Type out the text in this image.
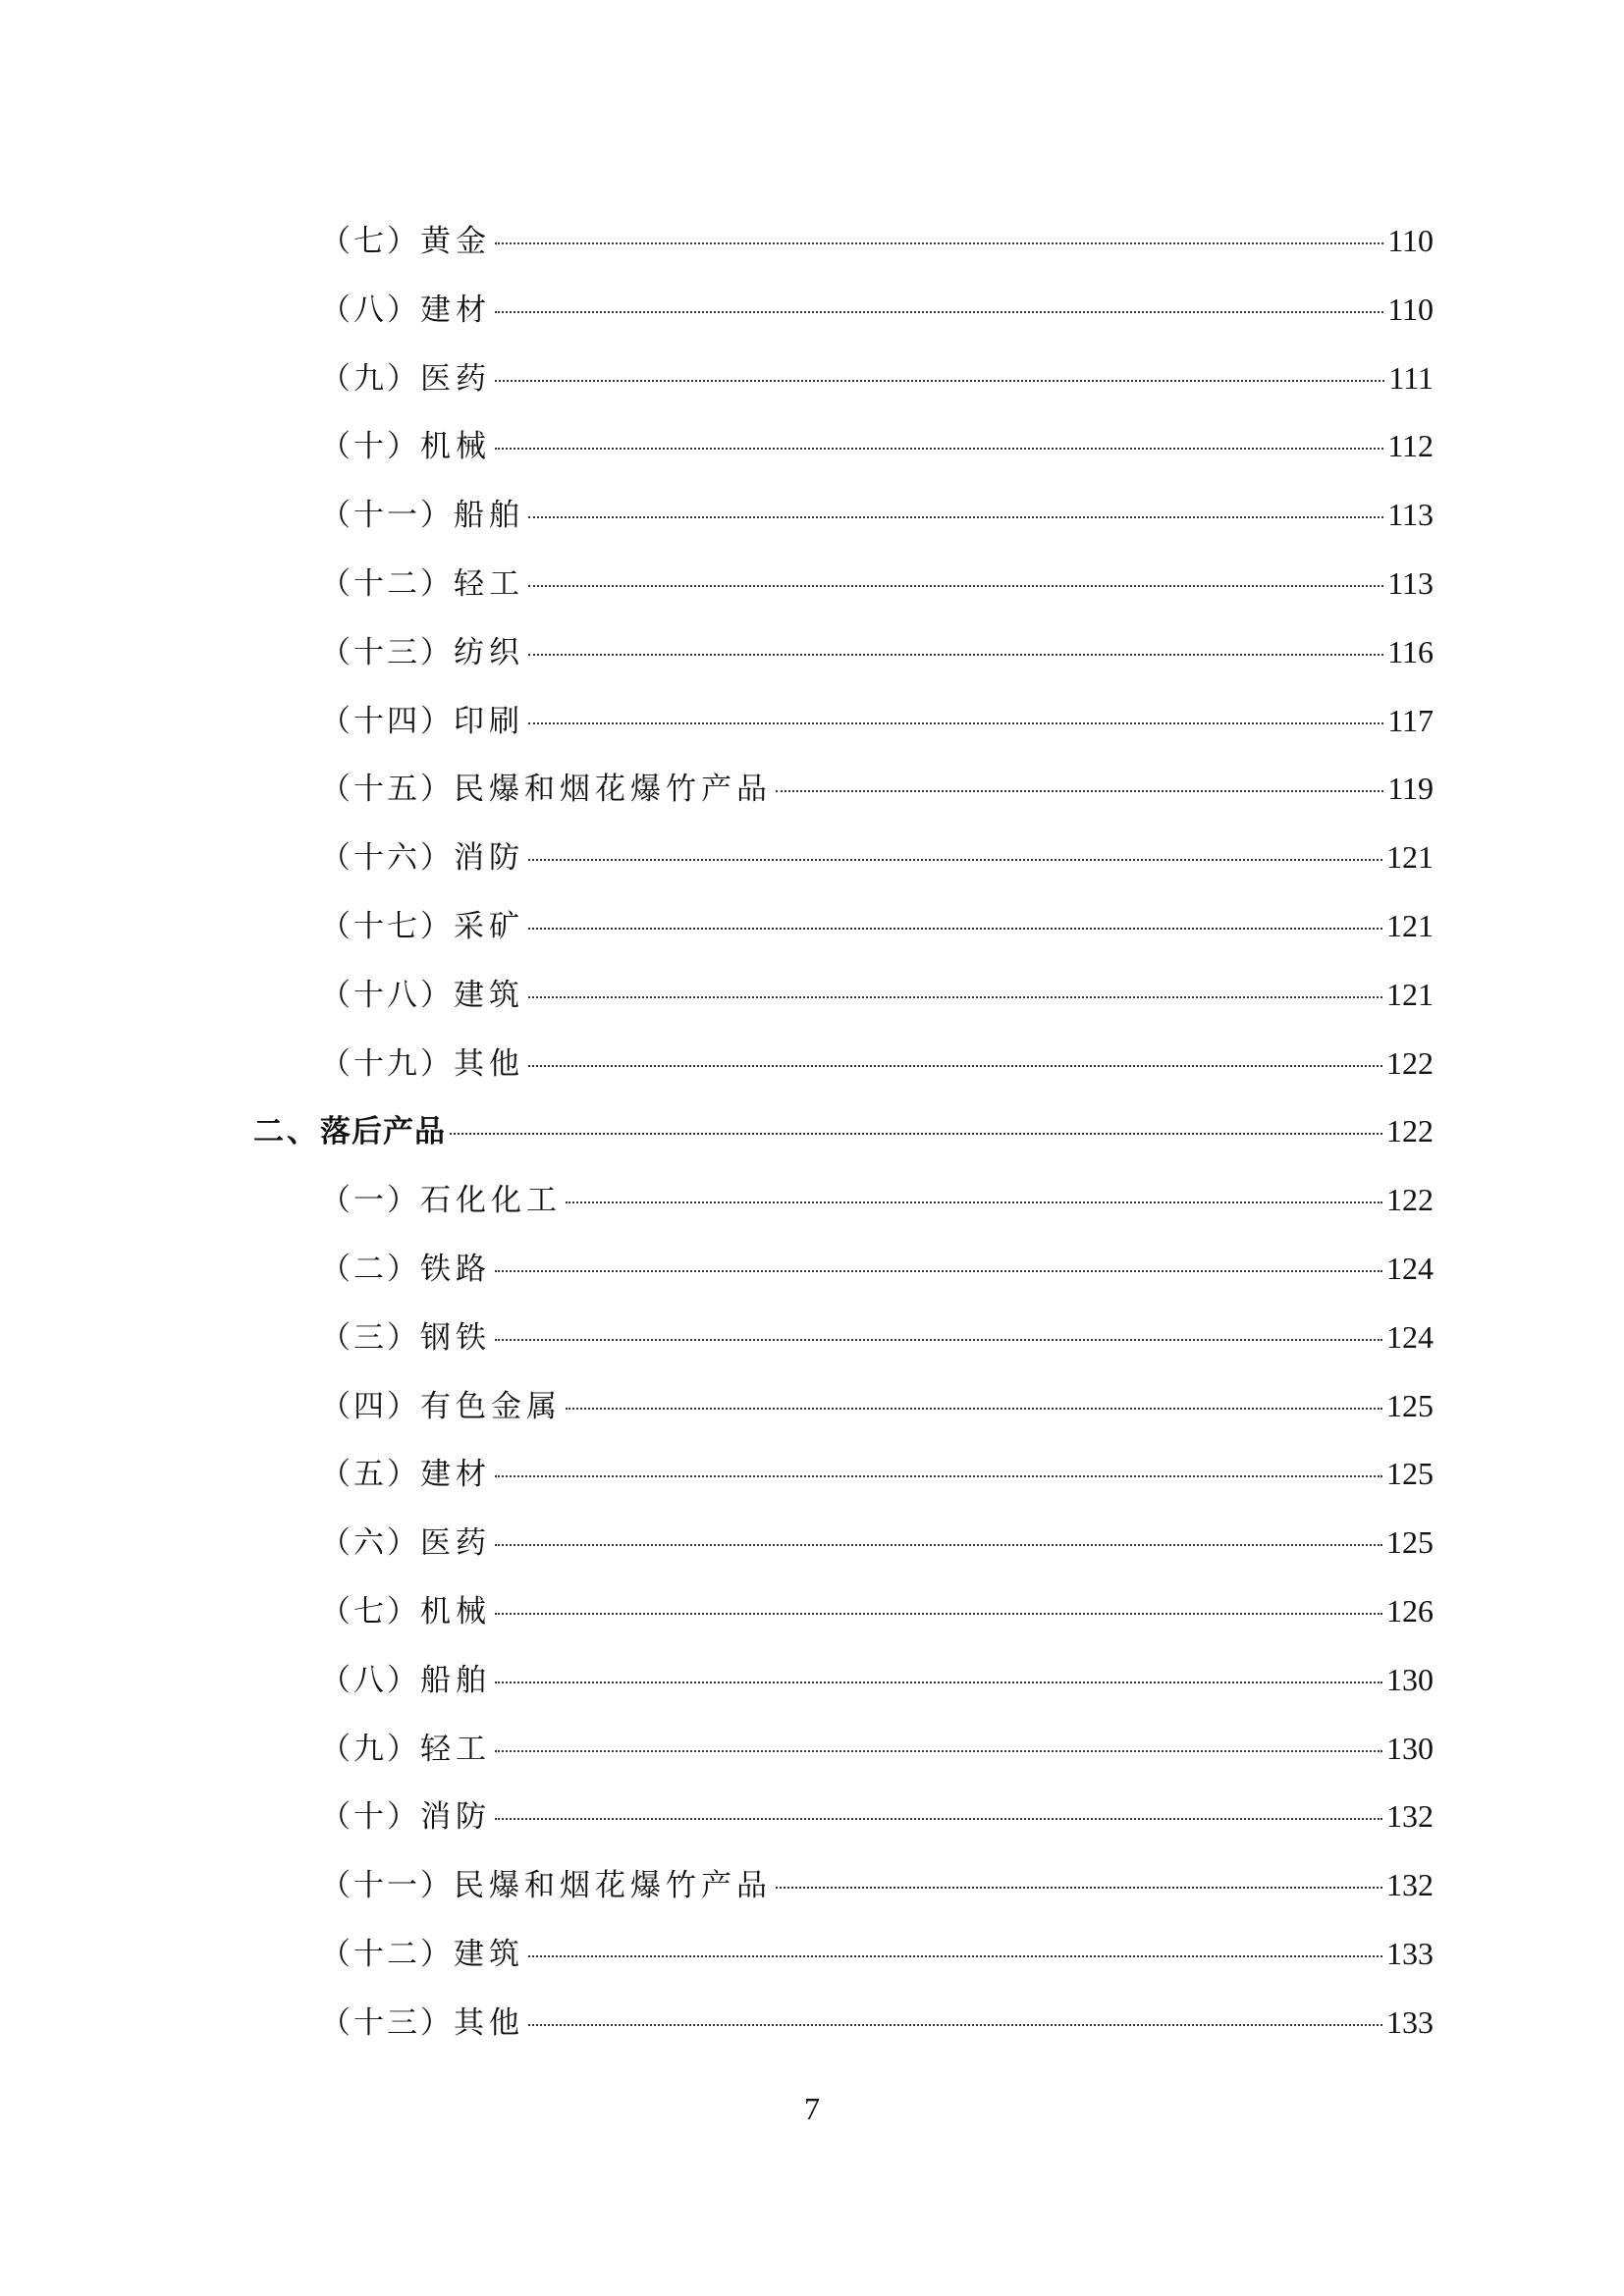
（七） 黄金	110
（八） 建材	110
（九） 医药	111
（十） 机械	112
（十一） 船舶	113
（十二） 轻工	113
（十三） 纺织	116
（十四） 印刷	117
（十五） 民爆和烟花爆竹产品	119
（十六） 消防	121
（十七） 采矿	121
（十八） 建筑	121
（十九） 其他	122
二、 落后产品	122
（一） 石化化工	122
（二） 铁路	124
（三） 钢铁	124
（四） 有色金属	125
（五） 建材	125
（六） 医药	125
（七） 机械	126
（八） 船舶	130
（九） 轻工	130
（十） 消防	132
（十一） 民爆和烟花爆竹产品	132
（十二） 建筑	133
（十三） 其他	133
7
